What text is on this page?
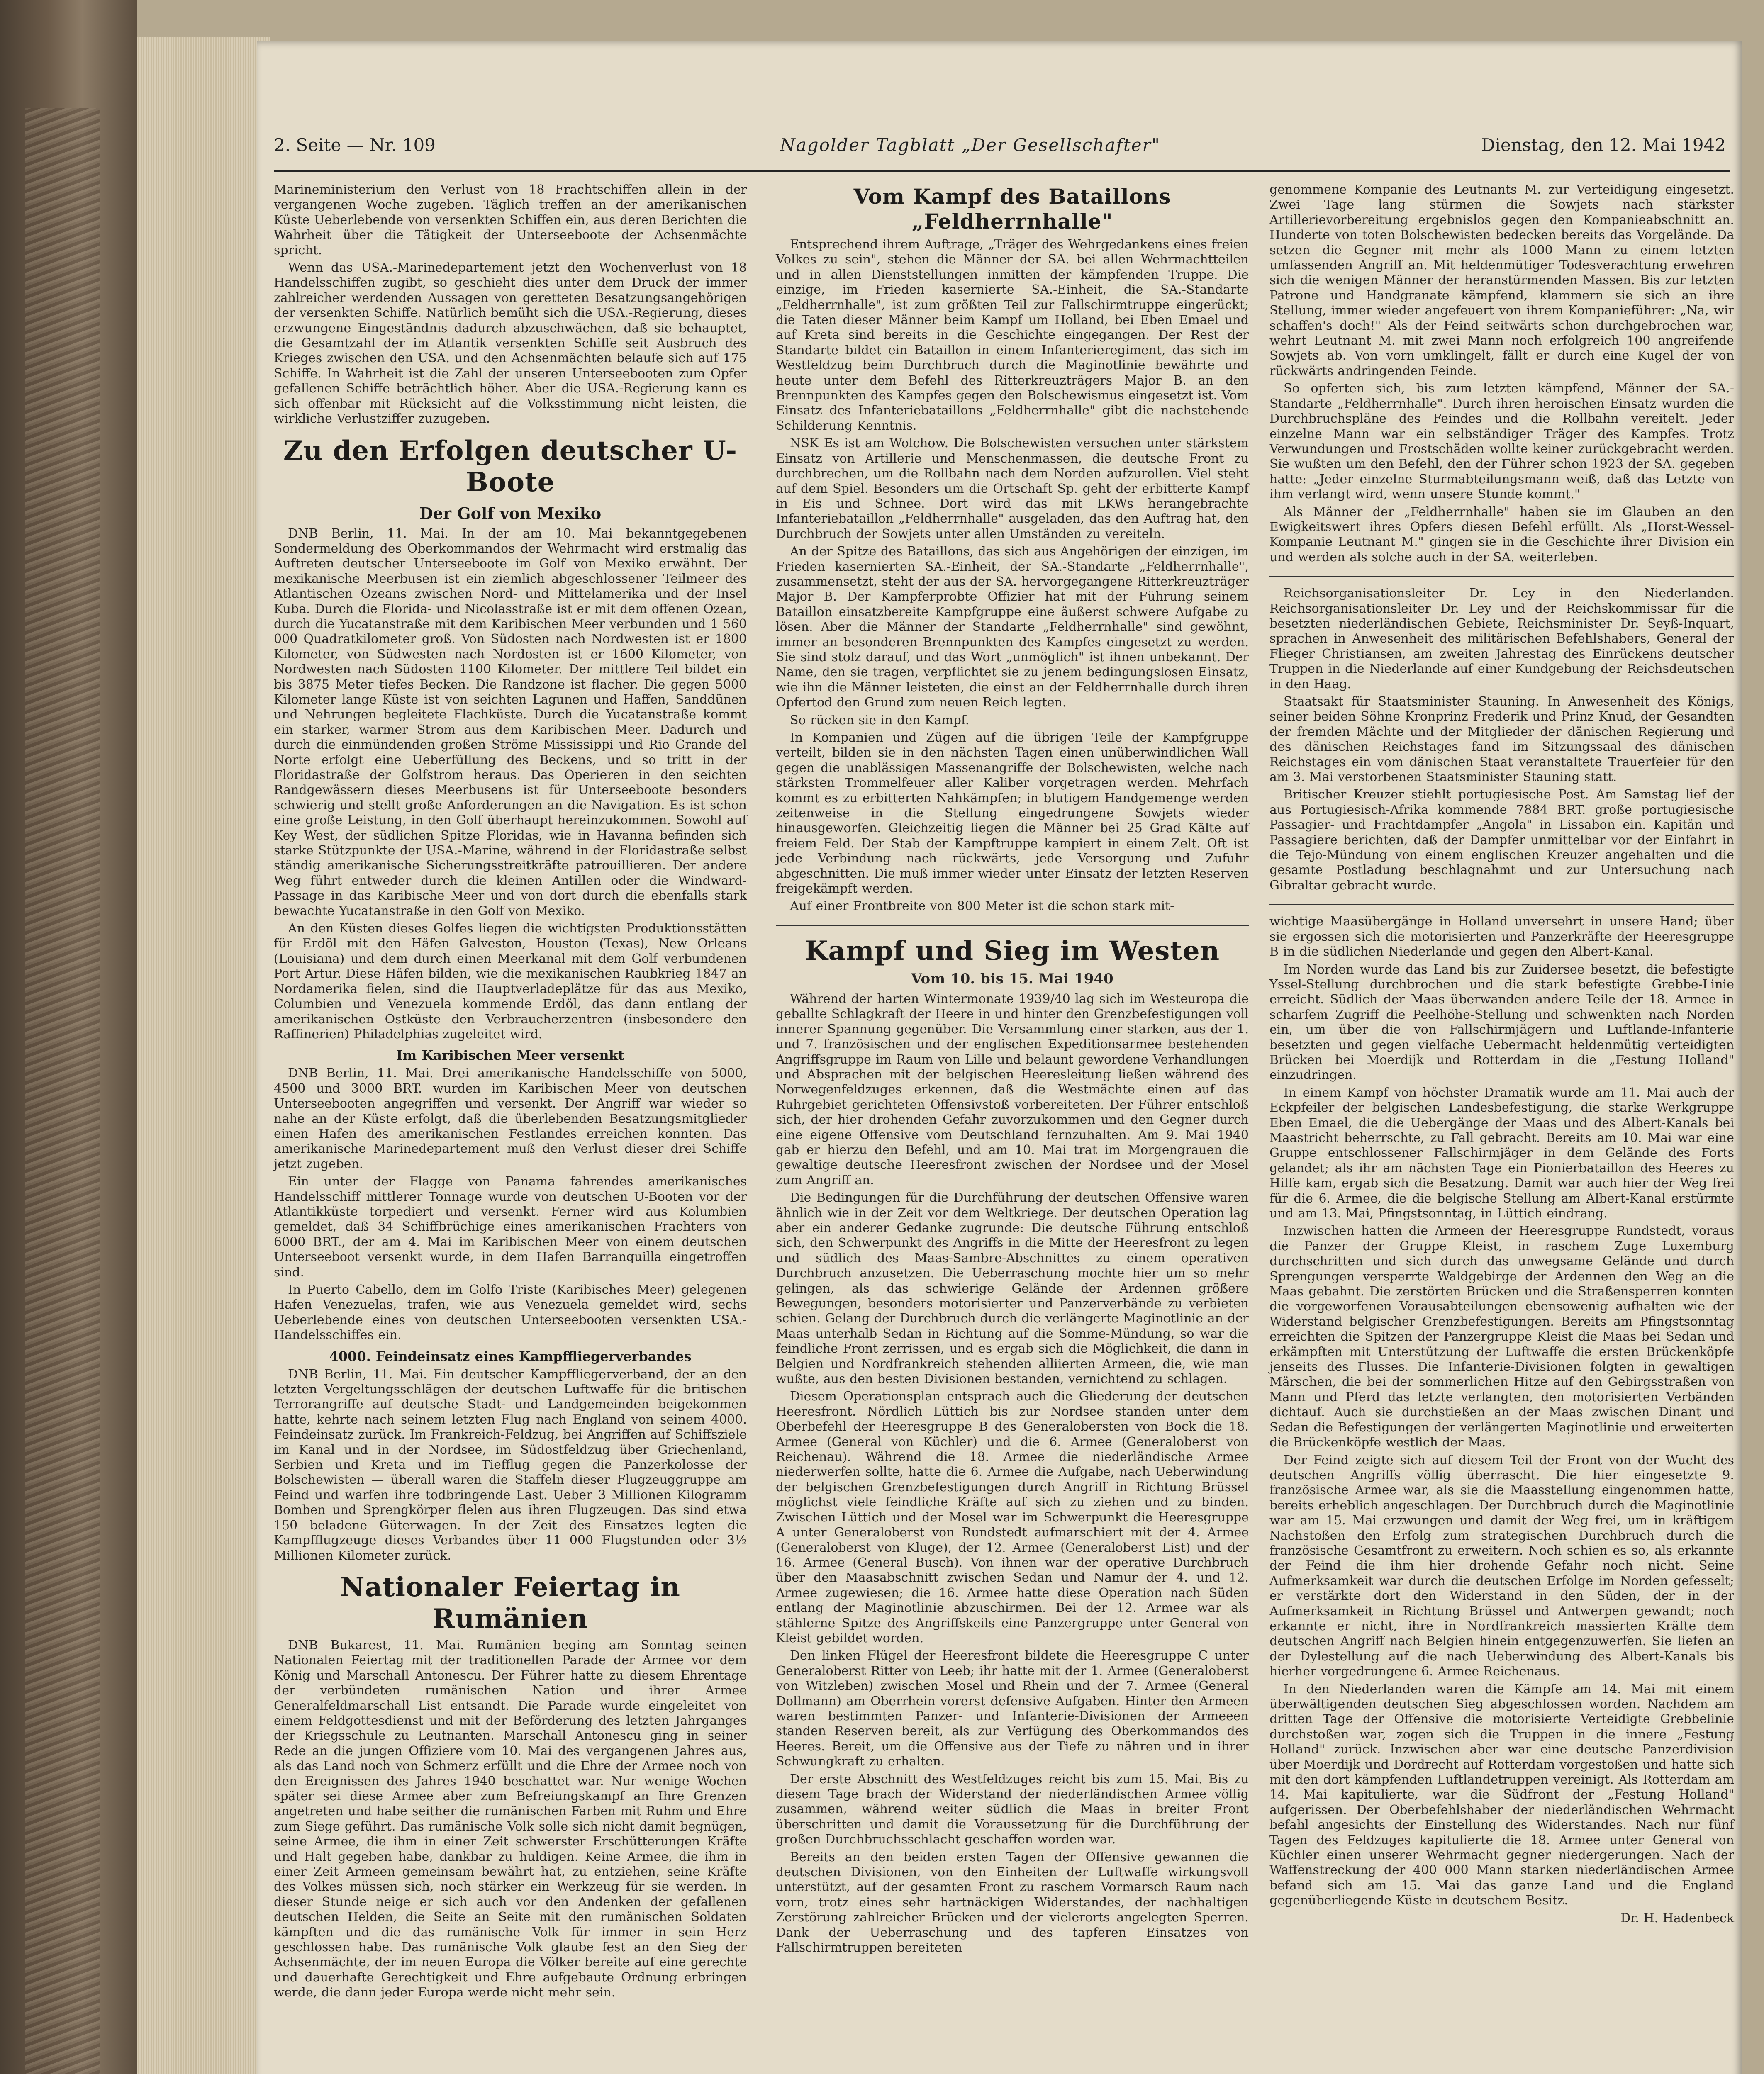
2. Seite — Nr. 109	Nagolder Tagblatt „Der Gesellschafter"	Dienstag, den 12. Mai 1942

Marineministerium den Verlust von 18 Frachtschiffen allein in der vergangenen Woche zugeben. Täglich treffen an der amerikanischen Küste Ueberlebende von versenkten Schiffen ein, aus deren Berichten die Wahrheit über die Tätigkeit der Unterseeboote der Achsenmächte spricht.

Wenn das USA.-Marinedepartement jetzt den Wochenverlust von 18 Handelsschiffen zugibt, so geschieht dies unter dem Druck der immer zahlreicher werdenden Aussagen von geretteten Besatzungsangehörigen der versenkten Schiffe. Natürlich bemüht sich die USA.-Regierung, dieses erzwungene Eingeständnis dadurch abzuschwächen, daß sie behauptet, die Gesamtzahl der im Atlantik versenkten Schiffe seit Ausbruch des Krieges zwischen den USA. und den Achsenmächten belaufe sich auf 175 Schiffe. In Wahrheit ist die Zahl der unseren Unterseebooten zum Opfer gefallenen Schiffe beträchtlich höher. Aber die USA.-Regierung kann es sich offenbar mit Rücksicht auf die Volksstimmung nicht leisten, die wirkliche Verlustziffer zuzugeben.

Zu den Erfolgen deutscher U-Boote
Der Golf von Mexiko

DNB Berlin, 11. Mai. In der am 10. Mai bekanntgegebenen Sondermeldung des Oberkommandos der Wehrmacht wird erstmalig das Auftreten deutscher Unterseeboote im Golf von Mexiko erwähnt. Der mexikanische Meerbusen ist ein ziemlich abgeschlossener Teilmeer des Atlantischen Ozeans zwischen Nord- und Mittelamerika und der Insel Kuba. Durch die Florida- und Nicolasstraße ist er mit dem offenen Ozean, durch die Yucatanstraße mit dem Karibischen Meer verbunden und 1 560 000 Quadratkilometer groß. Von Südosten nach Nordwesten ist er 1800 Kilometer, von Südwesten nach Nordosten ist er 1600 Kilometer, von Nordwesten nach Südosten 1100 Kilometer. Der mittlere Teil bildet ein bis 3875 Meter tiefes Becken. Die Randzone ist flacher. Die gegen 5000 Kilometer lange Küste ist von seichten Lagunen und Haffen, Sanddünen und Nehrungen begleitete Flachküste. Durch die Yucatanstraße kommt ein starker, warmer Strom aus dem Karibischen Meer. Dadurch und durch die einmündenden großen Ströme Mississippi und Rio Grande del Norte erfolgt eine Ueberfüllung des Beckens, und so tritt in der Floridastraße der Golfstrom heraus. Das Operieren in den seichten Randgewässern dieses Meerbusens ist für Unterseeboote besonders schwierig und stellt große Anforderungen an die Navigation. Es ist schon eine große Leistung, in den Golf überhaupt hereinzukommen. Sowohl auf Key West, der südlichen Spitze Floridas, wie in Havanna befinden sich starke Stützpunkte der USA.-Marine, während in der Floridastraße selbst ständig amerikanische Sicherungsstreitkräfte patrouillieren. Der andere Weg führt entweder durch die kleinen Antillen oder die Windward-Passage in das Karibische Meer und von dort durch die ebenfalls stark bewachte Yucatanstraße in den Golf von Mexiko.

An den Küsten dieses Golfes liegen die wichtigsten Produktionsstätten für Erdöl mit den Häfen Galveston, Houston (Texas), New Orleans (Louisiana) und dem durch einen Meerkanal mit dem Golf verbundenen Port Artur. Diese Häfen bilden, wie die mexikanischen Raubkrieg 1847 an Nordamerika fielen, sind die Hauptverladeplätze für das aus Mexiko, Columbien und Venezuela kommende Erdöl, das dann entlang der amerikanischen Ostküste den Verbraucherzentren (insbesondere den Raffinerien) Philadelphias zugeleitet wird.

Im Karibischen Meer versenkt

DNB Berlin, 11. Mai. Drei amerikanische Handelsschiffe von 5000, 4500 und 3000 BRT. wurden im Karibischen Meer von deutschen Unterseebooten angegriffen und versenkt. Der Angriff war wieder so nahe an der Küste erfolgt, daß die überlebenden Besatzungsmitglieder einen Hafen des amerikanischen Festlandes erreichen konnten. Das amerikanische Marinedepartement muß den Verlust dieser drei Schiffe jetzt zugeben.

Ein unter der Flagge von Panama fahrendes amerikanisches Handelsschiff mittlerer Tonnage wurde von deutschen U-Booten vor der Atlantikküste torpediert und versenkt. Ferner wird aus Kolumbien gemeldet, daß 34 Schiffbrüchige eines amerikanischen Frachters von 6000 BRT., der am 4. Mai im Karibischen Meer von einem deutschen Unterseeboot versenkt wurde, in dem Hafen Barranquilla eingetroffen sind.

In Puerto Cabello, dem im Golfo Triste (Karibisches Meer) gelegenen Hafen Venezuelas, trafen, wie aus Venezuela gemeldet wird, sechs Ueberlebende eines von deutschen Unterseebooten versenkten USA.-Handelsschiffes ein.

4000. Feindeinsatz eines Kampffliegerverbandes

DNB Berlin, 11. Mai. Ein deutscher Kampffliegerverband, der an den letzten Vergeltungsschlägen der deutschen Luftwaffe für die britischen Terrorangriffe auf deutsche Stadt- und Landgemeinden beigekommen hatte, kehrte nach seinem letzten Flug nach England von seinem 4000. Feindeinsatz zurück. Im Frankreich-Feldzug, bei Angriffen auf Schiffsziele im Kanal und in der Nordsee, im Südostfeldzug über Griechenland, Serbien und Kreta und im Tiefflug gegen die Panzerkolosse der Bolschewisten — überall waren die Staffeln dieser Flugzeuggruppe am Feind und warfen ihre todbringende Last. Ueber 3 Millionen Kilogramm Bomben und Sprengkörper flelen aus ihren Flugzeugen. Das sind etwa 150 beladene Güterwagen. In der Zeit des Einsatzes legten die Kampfflugzeuge dieses Verbandes über 11 000 Flugstunden oder 3½ Millionen Kilometer zurück.

Nationaler Feiertag in Rumänien

DNB Bukarest, 11. Mai. Rumänien beging am Sonntag seinen Nationalen Feiertag mit der traditionellen Parade der Armee vor dem König und Marschall Antonescu. Der Führer hatte zu diesem Ehrentage der verbündeten rumänischen Nation und ihrer Armee Generalfeldmarschall List entsandt. Die Parade wurde eingeleitet von einem Feldgottesdienst und mit der Beförderung des letzten Jahrganges der Kriegsschule zu Leutnanten. Marschall Antonescu ging in seiner Rede an die jungen Offiziere vom 10. Mai des vergangenen Jahres aus, als das Land noch von Schmerz erfüllt und die Ehre der Armee noch von den Ereignissen des Jahres 1940 beschattet war. Nur wenige Wochen später sei diese Armee aber zum Befreiungskampf an Ihre Grenzen angetreten und habe seither die rumänischen Farben mit Ruhm und Ehre zum Siege geführt. Das rumänische Volk solle sich nicht damit begnügen, seine Armee, die ihm in einer Zeit schwerster Erschütterungen Kräfte und Halt gegeben habe, dankbar zu huldigen. Keine Armee, die ihm in einer Zeit Armeen gemeinsam bewährt hat, zu entziehen, seine Kräfte des Volkes müssen sich, noch stärker ein Werkzeug für sie werden. In dieser Stunde neige er sich auch vor den Andenken der gefallenen deutschen Helden, die Seite an Seite mit den rumänischen Soldaten kämpften und die das rumänische Volk für immer in sein Herz geschlossen habe. Das rumänische Volk glaube fest an den Sieg der Achsenmächte, der im neuen Europa die Völker bereite auf eine gerechte und dauerhafte Gerechtigkeit und Ehre aufgebaute Ordnung erbringen werde, die dann jeder Europa werde nicht mehr sein.

Vom Kampf des Bataillons „Feldherrnhalle"

Entsprechend ihrem Auftrage, „Träger des Wehrgedankens eines freien Volkes zu sein", stehen die Männer der SA. bei allen Wehrmachtteilen und in allen Dienststellungen inmitten der kämpfenden Truppe. Die einzige, im Frieden kasernierte SA.-Einheit, die SA.-Standarte „Feldherrnhalle", ist zum größten Teil zur Fallschirmtruppe eingerückt; die Taten dieser Männer beim Kampf um Holland, bei Eben Emael und auf Kreta sind bereits in die Geschichte eingegangen. Der Rest der Standarte bildet ein Bataillon in einem Infanterieregiment, das sich im Westfeldzug beim Durchbruch durch die Maginotlinie bewährte und heute unter dem Befehl des Ritterkreuzträgers Major B. an den Brennpunkten des Kampfes gegen den Bolschewismus eingesetzt ist. Vom Einsatz des Infanteriebataillons „Feldherrnhalle" gibt die nachstehende Schilderung Kenntnis.

NSK Es ist am Wolchow. Die Bolschewisten versuchen unter stärkstem Einsatz von Artillerie und Menschenmassen, die deutsche Front zu durchbrechen, um die Rollbahn nach dem Norden aufzurollen. Viel steht auf dem Spiel. Besonders um die Ortschaft Sp. geht der erbitterte Kampf in Eis und Schnee. Dort wird das mit LKWs herangebrachte Infanteriebataillon „Feldherrnhalle" ausgeladen, das den Auftrag hat, den Durchbruch der Sowjets unter allen Umständen zu vereiteln.

An der Spitze des Bataillons, das sich aus Angehörigen der einzigen, im Frieden kasernierten SA.-Einheit, der SA.-Standarte „Feldherrnhalle", zusammensetzt, steht der aus der SA. hervorgegangene Ritterkreuzträger Major B. Der Kampferprobte Offizier hat mit der Führung seinem Bataillon einsatzbereite Kampfgruppe eine äußerst schwere Aufgabe zu lösen. Aber die Männer der Standarte „Feldherrnhalle" sind gewöhnt, immer an besonderen Brennpunkten des Kampfes eingesetzt zu werden. Sie sind stolz darauf, und das Wort „unmöglich" ist ihnen unbekannt. Der Name, den sie tragen, verpflichtet sie zu jenem bedingungslosen Einsatz, wie ihn die Männer leisteten, die einst an der Feldherrnhalle durch ihren Opfertod den Grund zum neuen Reich legten.

So rücken sie in den Kampf.

In Kompanien und Zügen auf die übrigen Teile der Kampfgruppe verteilt, bilden sie in den nächsten Tagen einen unüberwindlichen Wall gegen die unablässigen Massenangriffe der Bolschewisten, welche nach stärksten Trommelfeuer aller Kaliber vorgetragen werden. Mehrfach kommt es zu erbitterten Nahkämpfen; in blutigem Handgemenge werden zeitenweise in die Stellung eingedrungene Sowjets wieder hinausgeworfen. Gleichzeitig liegen die Männer bei 25 Grad Kälte auf freiem Feld. Der Stab der Kampftruppe kampiert in einem Zelt. Oft ist jede Verbindung nach rückwärts, jede Versorgung und Zufuhr abgeschnitten. Die muß immer wieder unter Einsatz der letzten Reserven freigekämpft werden.

Auf einer Frontbreite von 800 Meter ist die schon stark mit-

Kampf und Sieg im Westen
Vom 10. bis 15. Mai 1940

Während der harten Wintermonate 1939/40 lag sich im Westeuropa die geballte Schlagkraft der Heere in und hinter den Grenzbefestigungen voll innerer Spannung gegenüber. Die Versammlung einer starken, aus der 1. und 7. französischen und der englischen Expeditionsarmee bestehenden Angriffsgruppe im Raum von Lille und belaunt gewordene Verhandlungen und Absprachen mit der belgischen Heeresleitung ließen während des Norwegenfeldzuges erkennen, daß die Westmächte einen auf das Ruhrgebiet gerichteten Offensivstoß vorbereiteten. Der Führer entschloß sich, der hier drohenden Gefahr zuvorzukommen und den Gegner durch eine eigene Offensive vom Deutschland fernzuhalten. Am 9. Mai 1940 gab er hierzu den Befehl, und am 10. Mai trat im Morgengrauen die gewaltige deutsche Heeresfront zwischen der Nordsee und der Mosel zum Angriff an.

Die Bedingungen für die Durchführung der deutschen Offensive waren ähnlich wie in der Zeit vor dem Weltkriege. Der deutschen Operation lag aber ein anderer Gedanke zugrunde: Die deutsche Führung entschloß sich, den Schwerpunkt des Angriffs in die Mitte der Heeresfront zu legen und südlich des Maas-Sambre-Abschnittes zu einem operativen Durchbruch anzusetzen. Die Ueberraschung mochte hier um so mehr gelingen, als das schwierige Gelände der Ardennen größere Bewegungen, besonders motorisierter und Panzerverbände zu verbieten schien. Gelang der Durchbruch durch die verlängerte Maginotlinie an der Maas unterhalb Sedan in Richtung auf die Somme-Mündung, so war die feindliche Front zerrissen, und es ergab sich die Möglichkeit, die dann in Belgien und Nordfrankreich stehenden alliierten Armeen, die, wie man wußte, aus den besten Divisionen bestanden, vernichtend zu schlagen.

Diesem Operationsplan entsprach auch die Gliederung der deutschen Heeresfront. Nördlich Lüttich bis zur Nordsee standen unter dem Oberbefehl der Heeresgruppe B des Generalobersten von Bock die 18. Armee (General von Küchler) und die 6. Armee (Generaloberst von Reichenau). Während die 18. Armee die niederländische Armee niederwerfen sollte, hatte die 6. Armee die Aufgabe, nach Ueberwindung der belgischen Grenzbefestigungen durch Angriff in Richtung Brüssel möglichst viele feindliche Kräfte auf sich zu ziehen und zu binden. Zwischen Lüttich und der Mosel war im Schwerpunkt die Heeresgruppe A unter Generaloberst von Rundstedt aufmarschiert mit der 4. Armee (Generaloberst von Kluge), der 12. Armee (Generaloberst List) und der 16. Armee (General Busch). Von ihnen war der operative Durchbruch über den Maasabschnitt zwischen Sedan und Namur der 4. und 12. Armee zugewiesen; die 16. Armee hatte diese Operation nach Süden entlang der Maginotlinie abzuschirmen. Bei der 12. Armee war als stählerne Spitze des Angriffskeils eine Panzergruppe unter General von Kleist gebildet worden.

Den linken Flügel der Heeresfront bildete die Heeresgruppe C unter Generaloberst Ritter von Leeb; ihr hatte mit der 1. Armee (Generaloberst von Witzleben) zwischen Mosel und Rhein und der 7. Armee (General Dollmann) am Oberrhein vorerst defensive Aufgaben. Hinter den Armeen waren bestimmten Panzer- und Infanterie-Divisionen der Armeeen standen Reserven bereit, als zur Verfügung des Oberkommandos des Heeres. Bereit, um die Offensive aus der Tiefe zu nähren und in ihrer Schwungkraft zu erhalten.

Der erste Abschnitt des Westfeldzuges reicht bis zum 15. Mai. Bis zu diesem Tage brach der Widerstand der niederländischen Armee völlig zusammen, während weiter südlich die Maas in breiter Front überschritten und damit die Voraussetzung für die Durchführung der großen Durchbruchsschlacht geschaffen worden war.

Bereits an den beiden ersten Tagen der Offensive gewannen die deutschen Divisionen, von den Einheiten der Luftwaffe wirkungsvoll unterstützt, auf der gesamten Front zu raschem Vormarsch Raum nach vorn, trotz eines sehr hartnäckigen Widerstandes, der nachhaltigen Zerstörung zahlreicher Brücken und der vielerorts angelegten Sperren. Dank der Ueberraschung und des tapferen Einsatzes von Fallschirmtruppen bereiteten

genommene Kompanie des Leutnants M. zur Verteidigung eingesetzt. Zwei Tage lang stürmen die Sowjets nach stärkster Artillerievorbereitung ergebnislos gegen den Kompanieabschnitt an. Hunderte von toten Bolschewisten bedecken bereits das Vorgelände. Da setzen die Gegner mit mehr als 1000 Mann zu einem letzten umfassenden Angriff an. Mit heldenmütiger Todesverachtung erwehren sich die wenigen Männer der heranstürmenden Massen. Bis zur letzten Patrone und Handgranate kämpfend, klammern sie sich an ihre Stellung, immer wieder angefeuert von ihrem Kompanieführer: „Na, wir schaffen's doch!" Als der Feind seitwärts schon durchgebrochen war, wehrt Leutnant M. mit zwei Mann noch erfolgreich 100 angreifende Sowjets ab. Von vorn umklingelt, fällt er durch eine Kugel der von rückwärts andringenden Feinde.

So opferten sich, bis zum letzten kämpfend, Männer der SA.-Standarte „Feldherrnhalle". Durch ihren heroischen Einsatz wurden die Durchbruchspläne des Feindes und die Rollbahn vereitelt. Jeder einzelne Mann war ein selbständiger Träger des Kampfes. Trotz Verwundungen und Frostschäden wollte keiner zurückgebracht werden. Sie wußten um den Befehl, den der Führer schon 1923 der SA. gegeben hatte: „Jeder einzelne Sturmabteilungsmann weiß, daß das Letzte von ihm verlangt wird, wenn unsere Stunde kommt."

Als Männer der „Feldherrnhalle" haben sie im Glauben an den Ewigkeitswert ihres Opfers diesen Befehl erfüllt. Als „Horst-Wessel-Kompanie Leutnant M." gingen sie in die Geschichte ihrer Division ein und werden als solche auch in der SA. weiterleben.

Reichsorganisationsleiter Dr. Ley in den Niederlanden. Reichsorganisationsleiter Dr. Ley und der Reichskommissar für die besetzten niederländischen Gebiete, Reichsminister Dr. Seyß-Inquart, sprachen in Anwesenheit des militärischen Befehlshabers, General der Flieger Christiansen, am zweiten Jahrestag des Einrückens deutscher Truppen in die Niederlande auf einer Kundgebung der Reichsdeutschen in den Haag.

Staatsakt für Staatsminister Stauning. In Anwesenheit des Königs, seiner beiden Söhne Kronprinz Frederik und Prinz Knud, der Gesandten der fremden Mächte und der Mitglieder der dänischen Regierung und des dänischen Reichstages fand im Sitzungssaal des dänischen Reichstages ein vom dänischen Staat veranstaltete Trauerfeier für den am 3. Mai verstorbenen Staatsminister Stauning statt.

Britischer Kreuzer stiehlt portugiesische Post. Am Samstag lief der aus Portugiesisch-Afrika kommende 7884 BRT. große portugiesische Passagier- und Frachtdampfer „Angola" in Lissabon ein. Kapitän und Passagiere berichten, daß der Dampfer unmittelbar vor der Einfahrt in die Tejo-Mündung von einem englischen Kreuzer angehalten und die gesamte Postladung beschlagnahmt und zur Untersuchung nach Gibraltar gebracht wurde.

wichtige Maasübergänge in Holland unversehrt in unsere Hand; über sie ergossen sich die motorisierten und Panzerkräfte der Heeresgruppe B in die südlichen Niederlande und gegen den Albert-Kanal.

Im Norden wurde das Land bis zur Zuidersee besetzt, die befestigte Yssel-Stellung durchbrochen und die stark befestigte Grebbe-Linie erreicht. Südlich der Maas überwanden andere Teile der 18. Armee in scharfem Zugriff die Peelhöhe-Stellung und schwenkten nach Norden ein, um über die von Fallschirmjägern und Luftlande-Infanterie besetzten und gegen vielfache Uebermacht heldenmütig verteidigten Brücken bei Moerdijk und Rotterdam in die „Festung Holland" einzudringen.

In einem Kampf von höchster Dramatik wurde am 11. Mai auch der Eckpfeiler der belgischen Landesbefestigung, die starke Werkgruppe Eben Emael, die die Uebergänge der Maas und des Albert-Kanals bei Maastricht beherrschte, zu Fall gebracht. Bereits am 10. Mai war eine Gruppe entschlossener Fallschirmjäger in dem Gelände des Forts gelandet; als ihr am nächsten Tage ein Pionierbataillon des Heeres zu Hilfe kam, ergab sich die Besatzung. Damit war auch hier der Weg frei für die 6. Armee, die die belgische Stellung am Albert-Kanal erstürmte und am 13. Mai, Pfingstsonntag, in Lüttich eindrang.

Inzwischen hatten die Armeen der Heeresgruppe Rundstedt, voraus die Panzer der Gruppe Kleist, in raschem Zuge Luxemburg durchschritten und sich durch das unwegsame Gelände und durch Sprengungen versperrte Waldgebirge der Ardennen den Weg an die Maas gebahnt. Die zerstörten Brücken und die Straßensperren konnten die vorgeworfenen Vorausabteilungen ebensowenig aufhalten wie der Widerstand belgischer Grenzbefestigungen. Bereits am Pfingstsonntag erreichten die Spitzen der Panzergruppe Kleist die Maas bei Sedan und erkämpften mit Unterstützung der Luftwaffe die ersten Brückenköpfe jenseits des Flusses. Die Infanterie-Divisionen folgten in gewaltigen Märschen, die bei der sommerlichen Hitze auf den Gebirgsstraßen von Mann und Pferd das letzte verlangten, den motorisierten Verbänden dichtauf. Auch sie durchstießen an der Maas zwischen Dinant und Sedan die Befestigungen der verlängerten Maginotlinie und erweiterten die Brückenköpfe westlich der Maas.

Der Feind zeigte sich auf diesem Teil der Front von der Wucht des deutschen Angriffs völlig überrascht. Die hier eingesetzte 9. französische Armee war, als sie die Maasstellung eingenommen hatte, bereits erheblich angeschlagen. Der Durchbruch durch die Maginotlinie war am 15. Mai erzwungen und damit der Weg frei, um in kräftigem Nachstoßen den Erfolg zum strategischen Durchbruch durch die französische Gesamtfront zu erweitern. Noch schien es so, als erkannte der Feind die ihm hier drohende Gefahr noch nicht. Seine Aufmerksamkeit war durch die deutschen Erfolge im Norden gefesselt; er verstärkte dort den Widerstand in den Süden, der in der Aufmerksamkeit in Richtung Brüssel und Antwerpen gewandt; noch erkannte er nicht, ihre in Nordfrankreich massierten Kräfte dem deutschen Angriff nach Belgien hinein entgegenzuwerfen. Sie liefen an der Dylestellung auf die nach Ueberwindung des Albert-Kanals bis hierher vorgedrungene 6. Armee Reichenaus.

In den Niederlanden waren die Kämpfe am 14. Mai mit einem überwältigenden deutschen Sieg abgeschlossen worden. Nachdem am dritten Tage der Offensive die motorisierte Verteidigte Grebbelinie durchstoßen war, zogen sich die Truppen in die innere „Festung Holland" zurück. Inzwischen aber war eine deutsche Panzerdivision über Moerdijk und Dordrecht auf Rotterdam vorgestoßen und hatte sich mit den dort kämpfenden Luftlandetruppen vereinigt. Als Rotterdam am 14. Mai kapitulierte, war die Südfront der „Festung Holland" aufgerissen. Der Oberbefehlshaber der niederländischen Wehrmacht befahl angesichts der Einstellung des Widerstandes. Nach nur fünf Tagen des Feldzuges kapitulierte die 18. Armee unter General von Küchler einen unserer Wehrmacht gegner niedergerungen. Nach der Waffenstreckung der 400 000 Mann starken niederländischen Armee befand sich am 15. Mai das ganze Land und die England gegenüberliegende Küste in deutschem Besitz.

Dr. H. Hadenbeck
